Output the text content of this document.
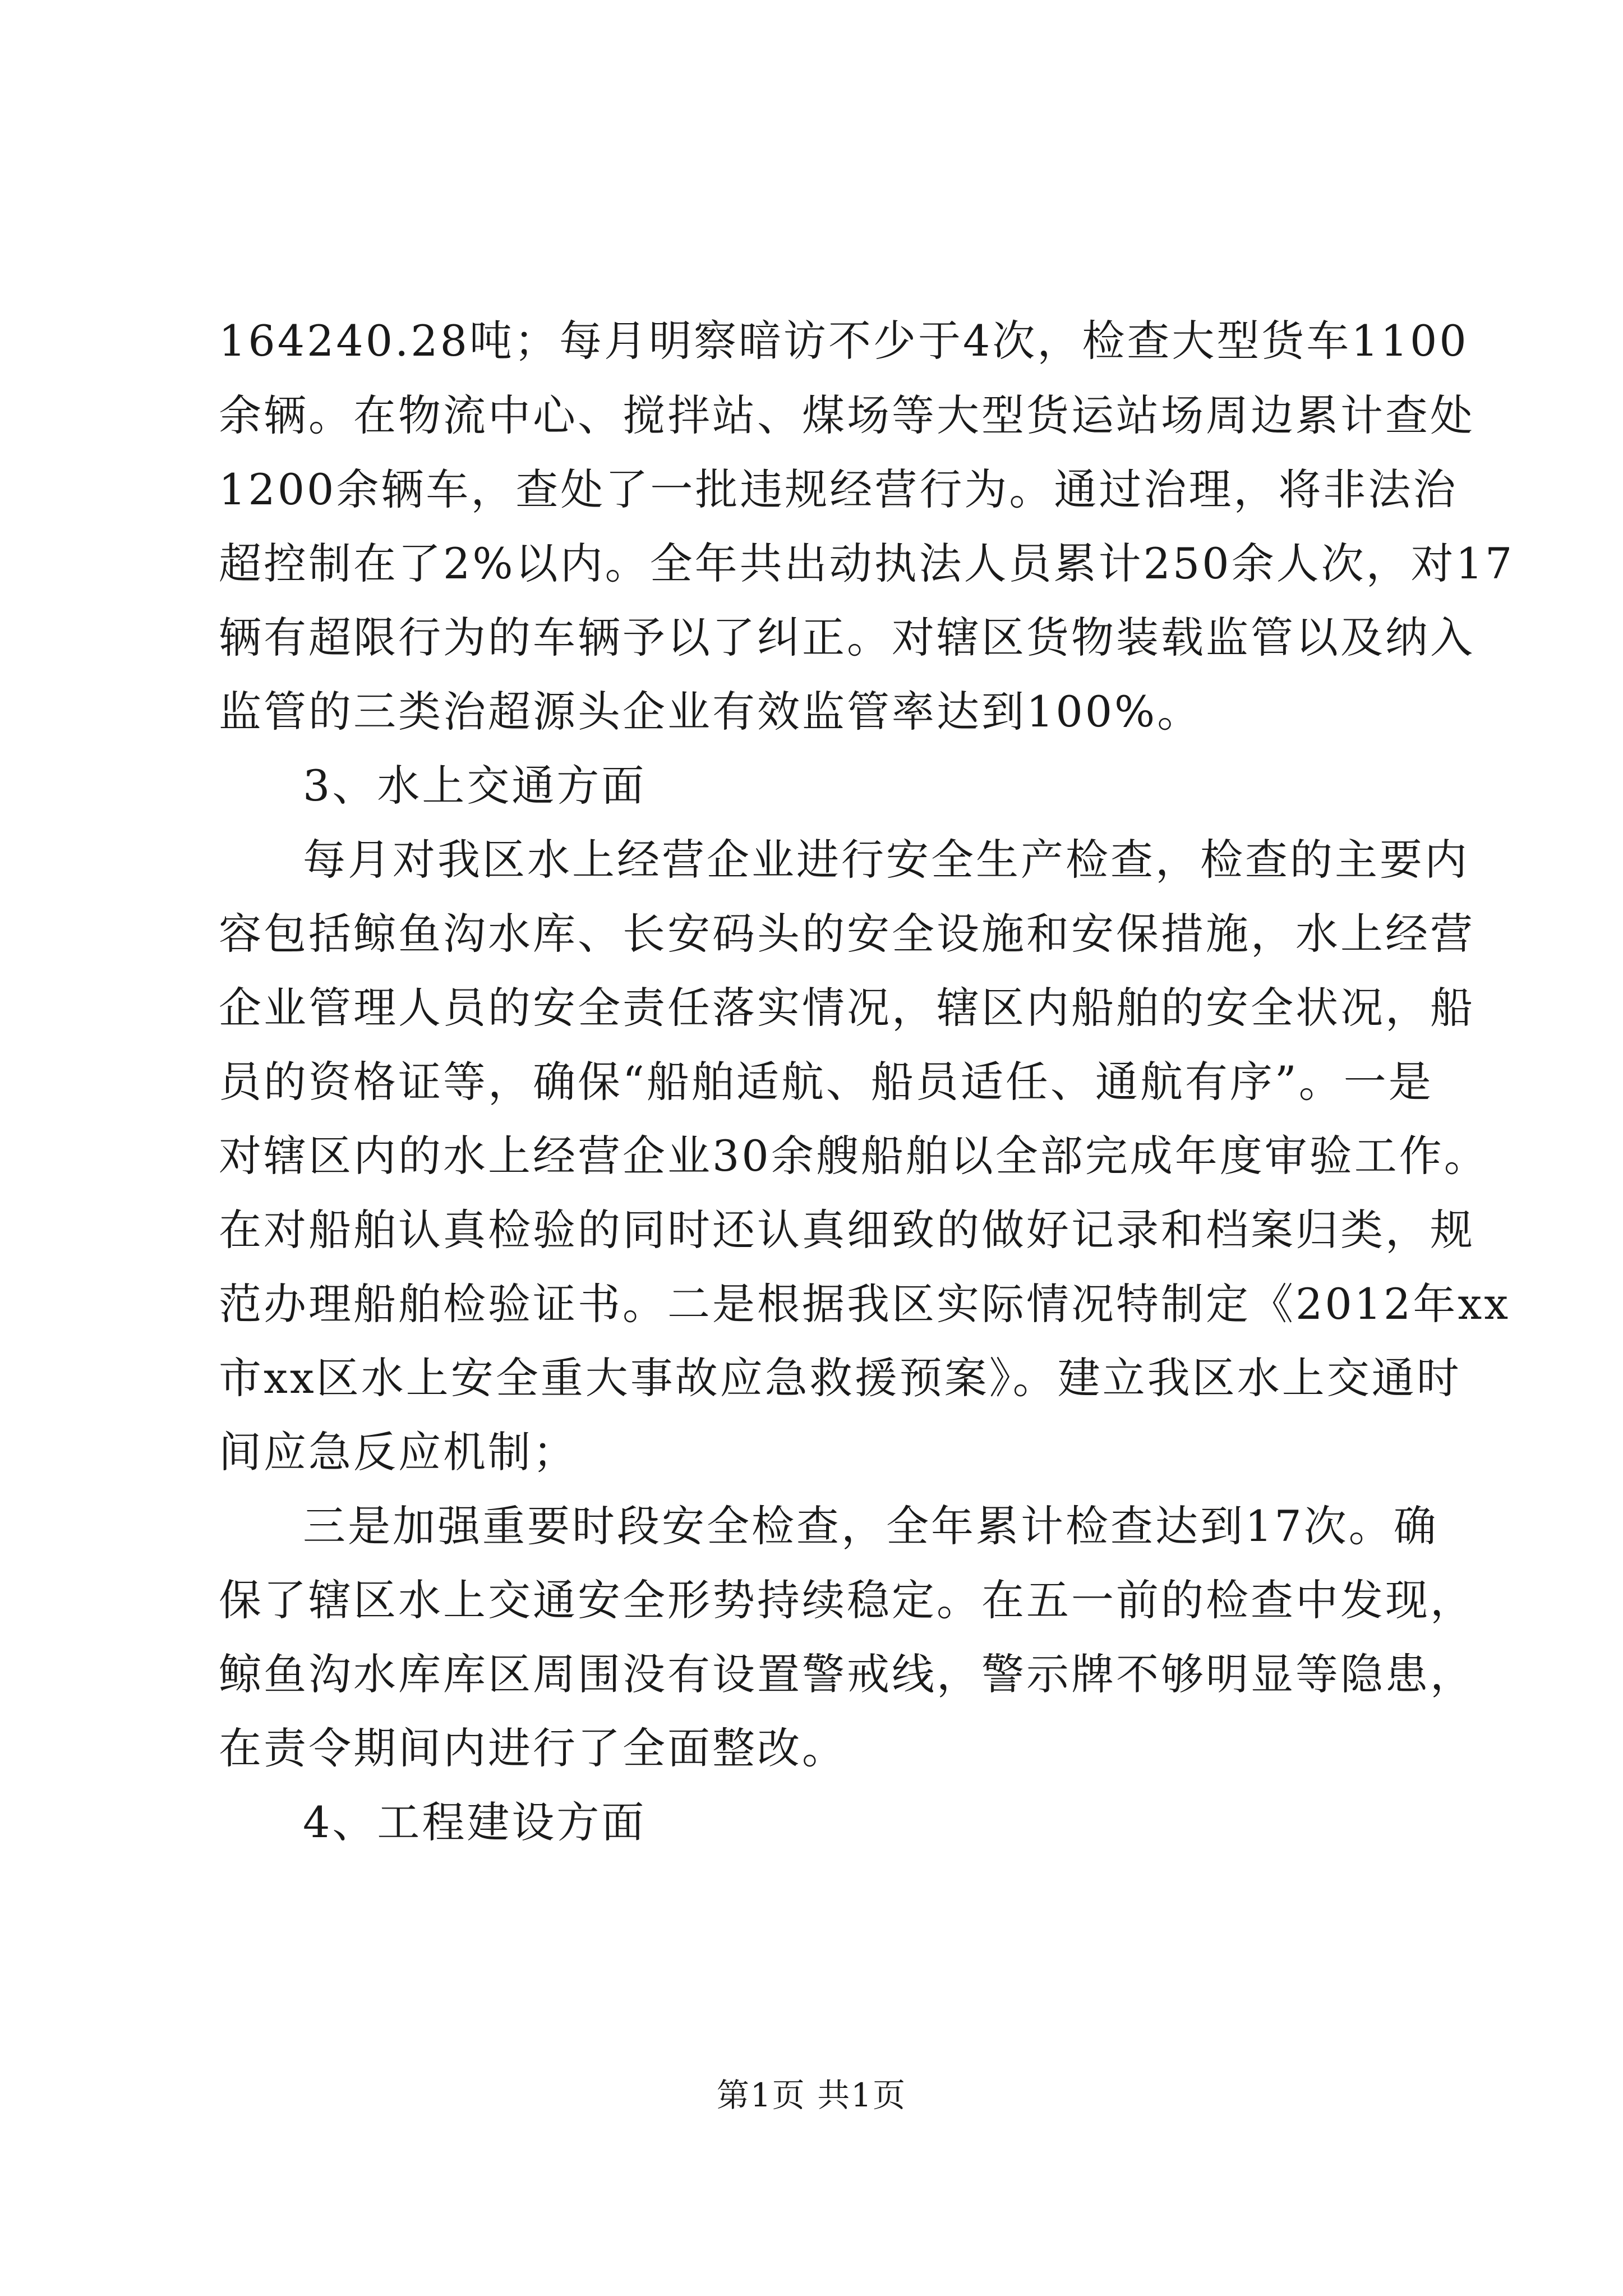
164240.28吨；每月明察暗访不少于4次，检查大型货车1100
余辆。在物流中心、搅拌站、煤场等大型货运站场周边累计查处
1200余辆车，查处了一批违规经营行为。通过治理，将非法治
超控制在了2%以内。全年共出动执法人员累计250余人次，对17
辆有超限行为的车辆予以了纠正。对辖区货物装载监管以及纳入
监管的三类治超源头企业有效监管率达到100%。
3、水上交通方面
每月对我区水上经营企业进行安全生产检查，检查的主要内
容包括鲸鱼沟水库、长安码头的安全设施和安保措施，水上经营
企业管理人员的安全责任落实情况，辖区内船舶的安全状况，船
员的资格证等，确保“船舶适航、船员适任、通航有序”。一是
对辖区内的水上经营企业30余艘船舶以全部完成年度审验工作。
在对船舶认真检验的同时还认真细致的做好记录和档案归类，规
范办理船舶检验证书。二是根据我区实际情况特制定《2012年xx
市xx区水上安全重大事故应急救援预案》。建立我区水上交通时
间应急反应机制；
三是加强重要时段安全检查，全年累计检查达到17次。确
保了辖区水上交通安全形势持续稳定。在五一前的检查中发现，
鲸鱼沟水库库区周围没有设置警戒线，警示牌不够明显等隐患，
在责令期间内进行了全面整改。
4、工程建设方面
第1页 共1页
